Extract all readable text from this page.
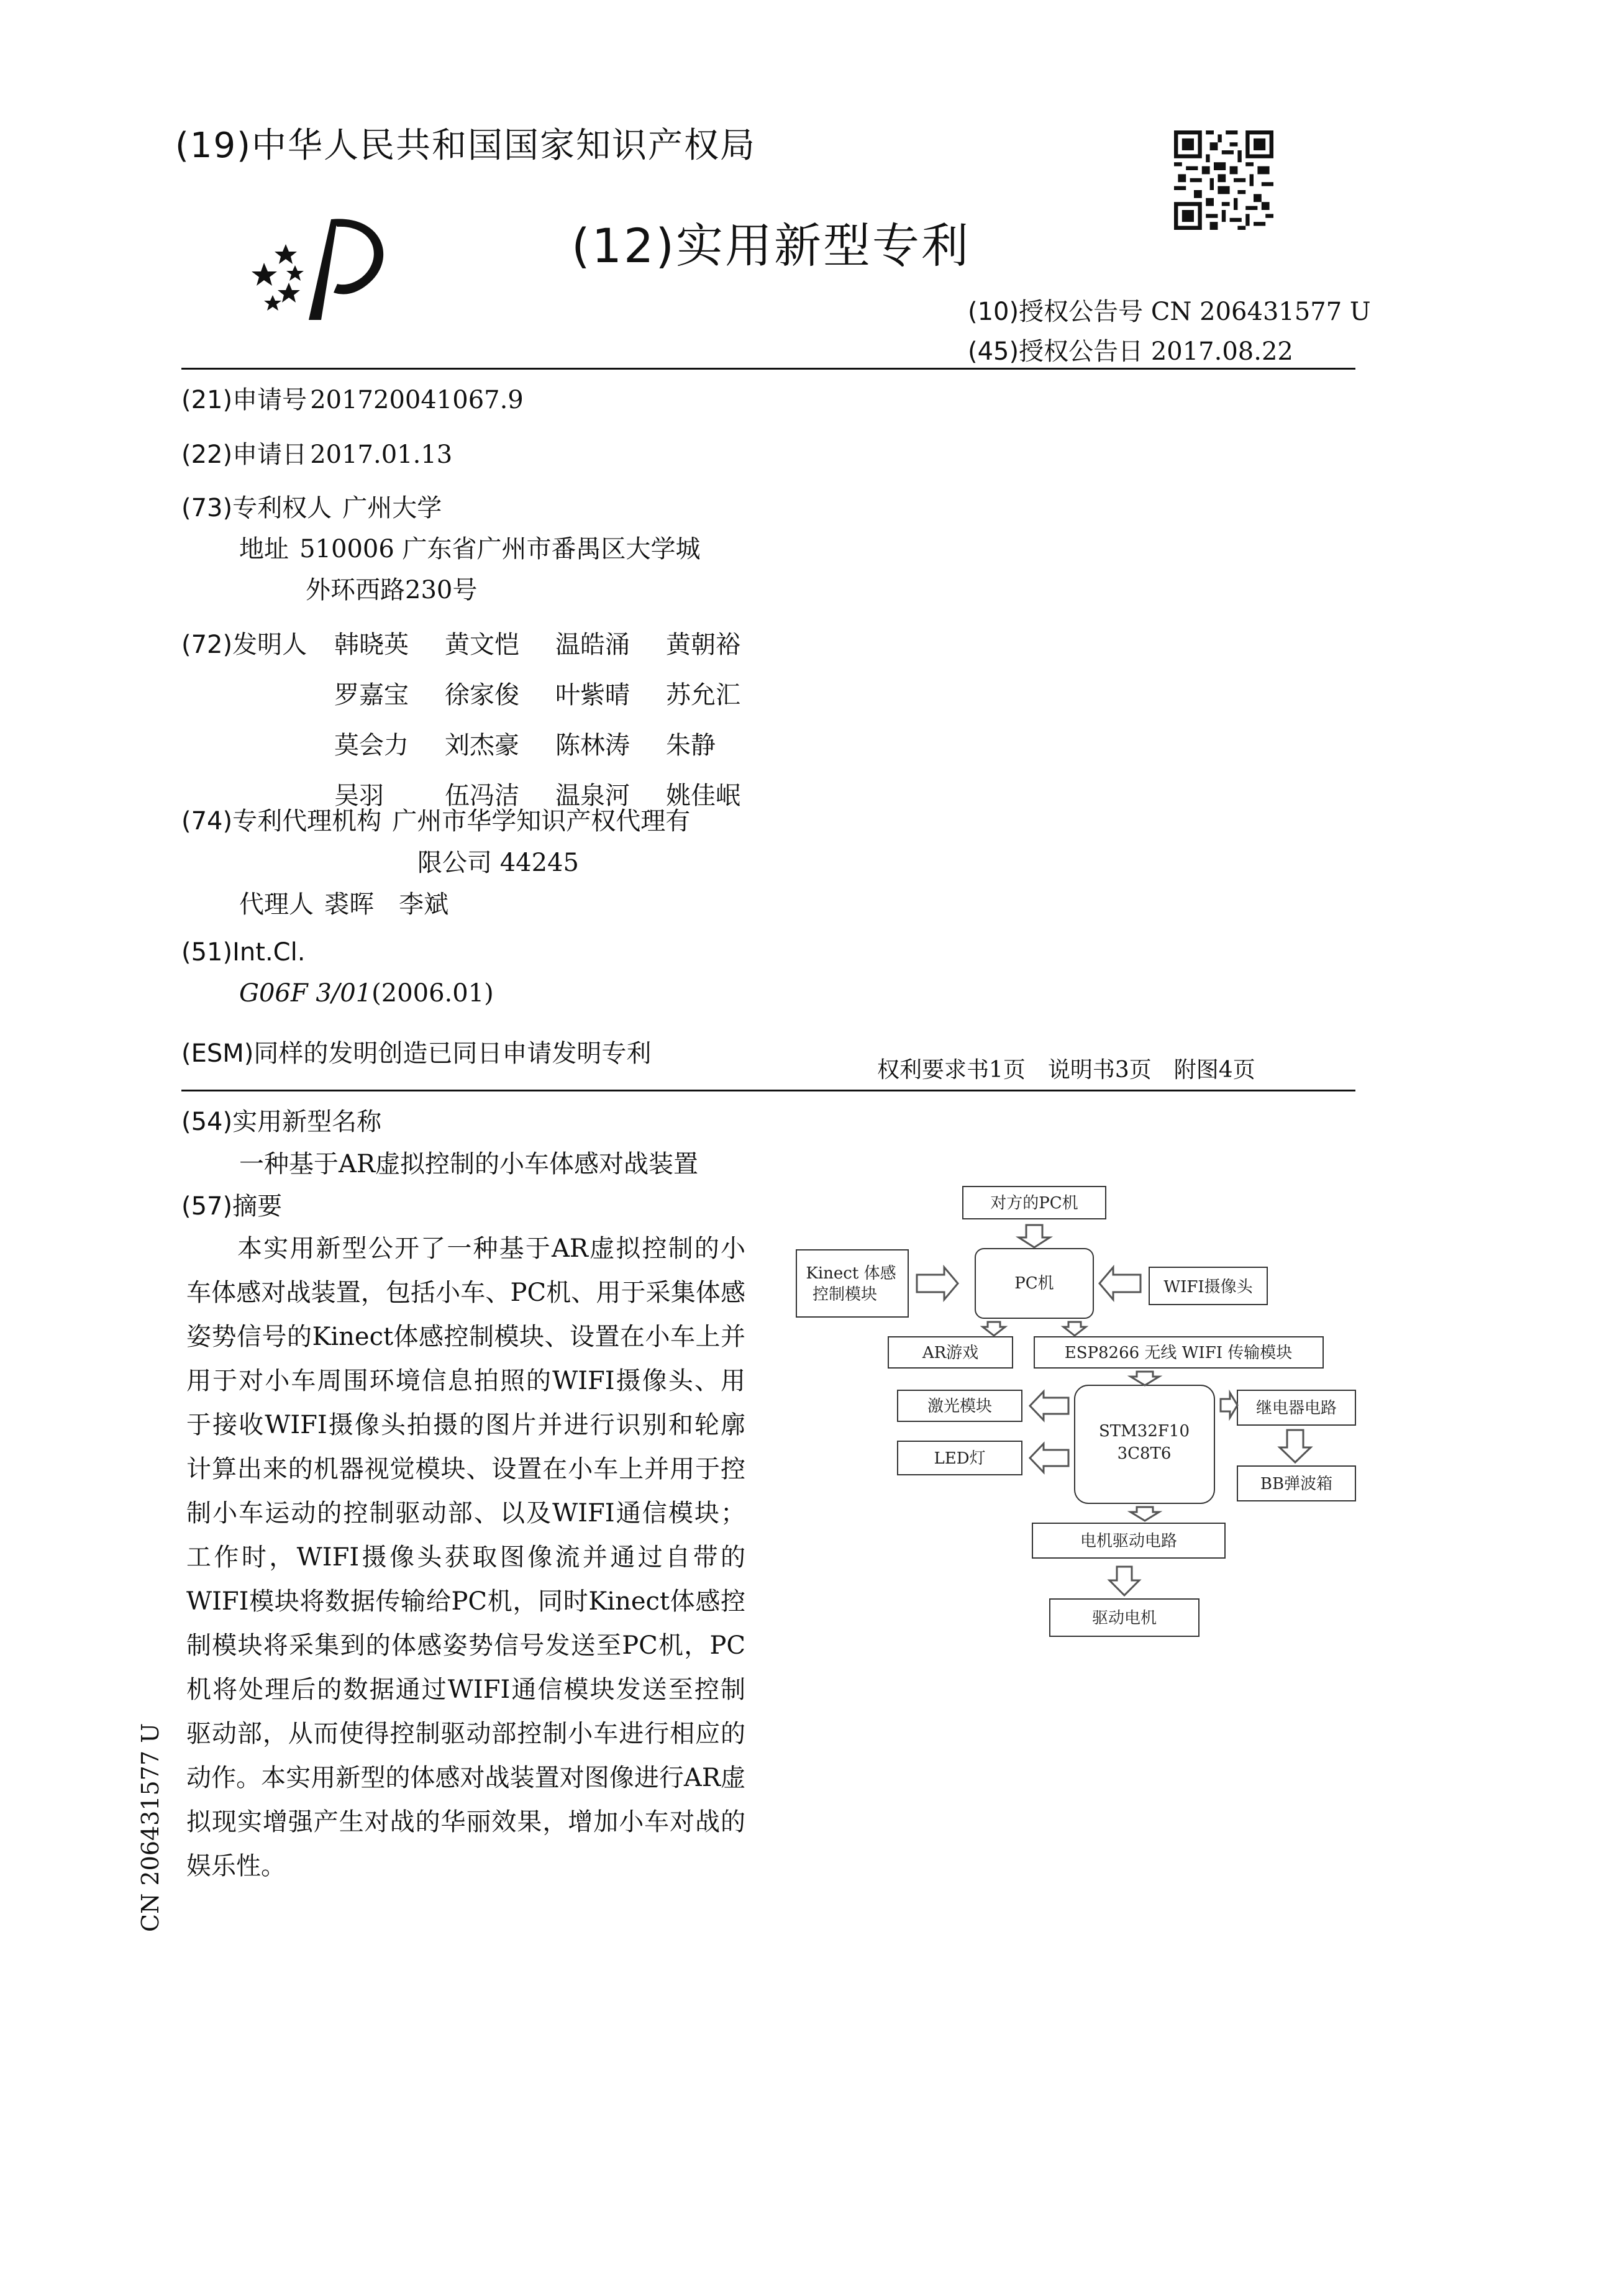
(19)中华人民共和国国家知识产权局
(12)实用新型专利
(10)授权公告号 CN 206431577 U
(45)授权公告日 2017.08.22
(21)申请号 201720041067.9
(22)申请日 2017.01.13
(73)专利权人 广州大学
地址 510006 广东省广州市番禺区大学城
外环西路230号
(72)发明人 韩晓英	黄文恺	温皓涌	黄朝裕
罗嘉宝	徐家俊	叶紫晴	苏允汇
莫会力	刘杰豪	陈林涛	朱静
吴羽	伍冯洁	温泉河	姚佳岷
(74)专利代理机构 广州市华学知识产权代理有
限公司 44245
代理人 裘晖　李斌
(51)Int.Cl.
G06F 3/01(2006.01)
(ESM)同样的发明创造已同日申请发明专利
权利要求书1页　说明书3页　附图4页
(54)实用新型名称
一种基于AR虚拟控制的小车体感对战装置
(57)摘要
本实用新型公开了一种基于AR虚拟控制的小车体感对战装置，包括小车、PC机、用于采集体感姿势信号的Kinect体感控制模块、设置在小车上并用于对小车周围环境信息拍照的WIFI摄像头、用于接收WIFI摄像头拍摄的图片并进行识别和轮廓计算出来的机器视觉模块、设置在小车上并用于控制小车运动的控制驱动部、以及WIFI通信模块；工作时，WIFI摄像头获取图像流并通过自带的WIFI模块将数据传输给PC机，同时Kinect体感控制模块将采集到的体感姿势信号发送至PC机，PC机将处理后的数据通过WIFI通信模块发送至控制驱动部，从而使得控制驱动部控制小车进行相应的动作。本实用新型的体感对战装置对图像进行AR虚拟现实增强产生对战的华丽效果，增加小车对战的娱乐性。
对方的PC机
Kinect 体感
控制模块
PC机	WIFI摄像头
AR游戏	ESP8266 无线 WIFI 传输模块
激光模块
STM32F10
3C8T6
继电器电路
LED灯
BB弹波箱
电机驱动电路
驱动电机
CN 206431577 U
